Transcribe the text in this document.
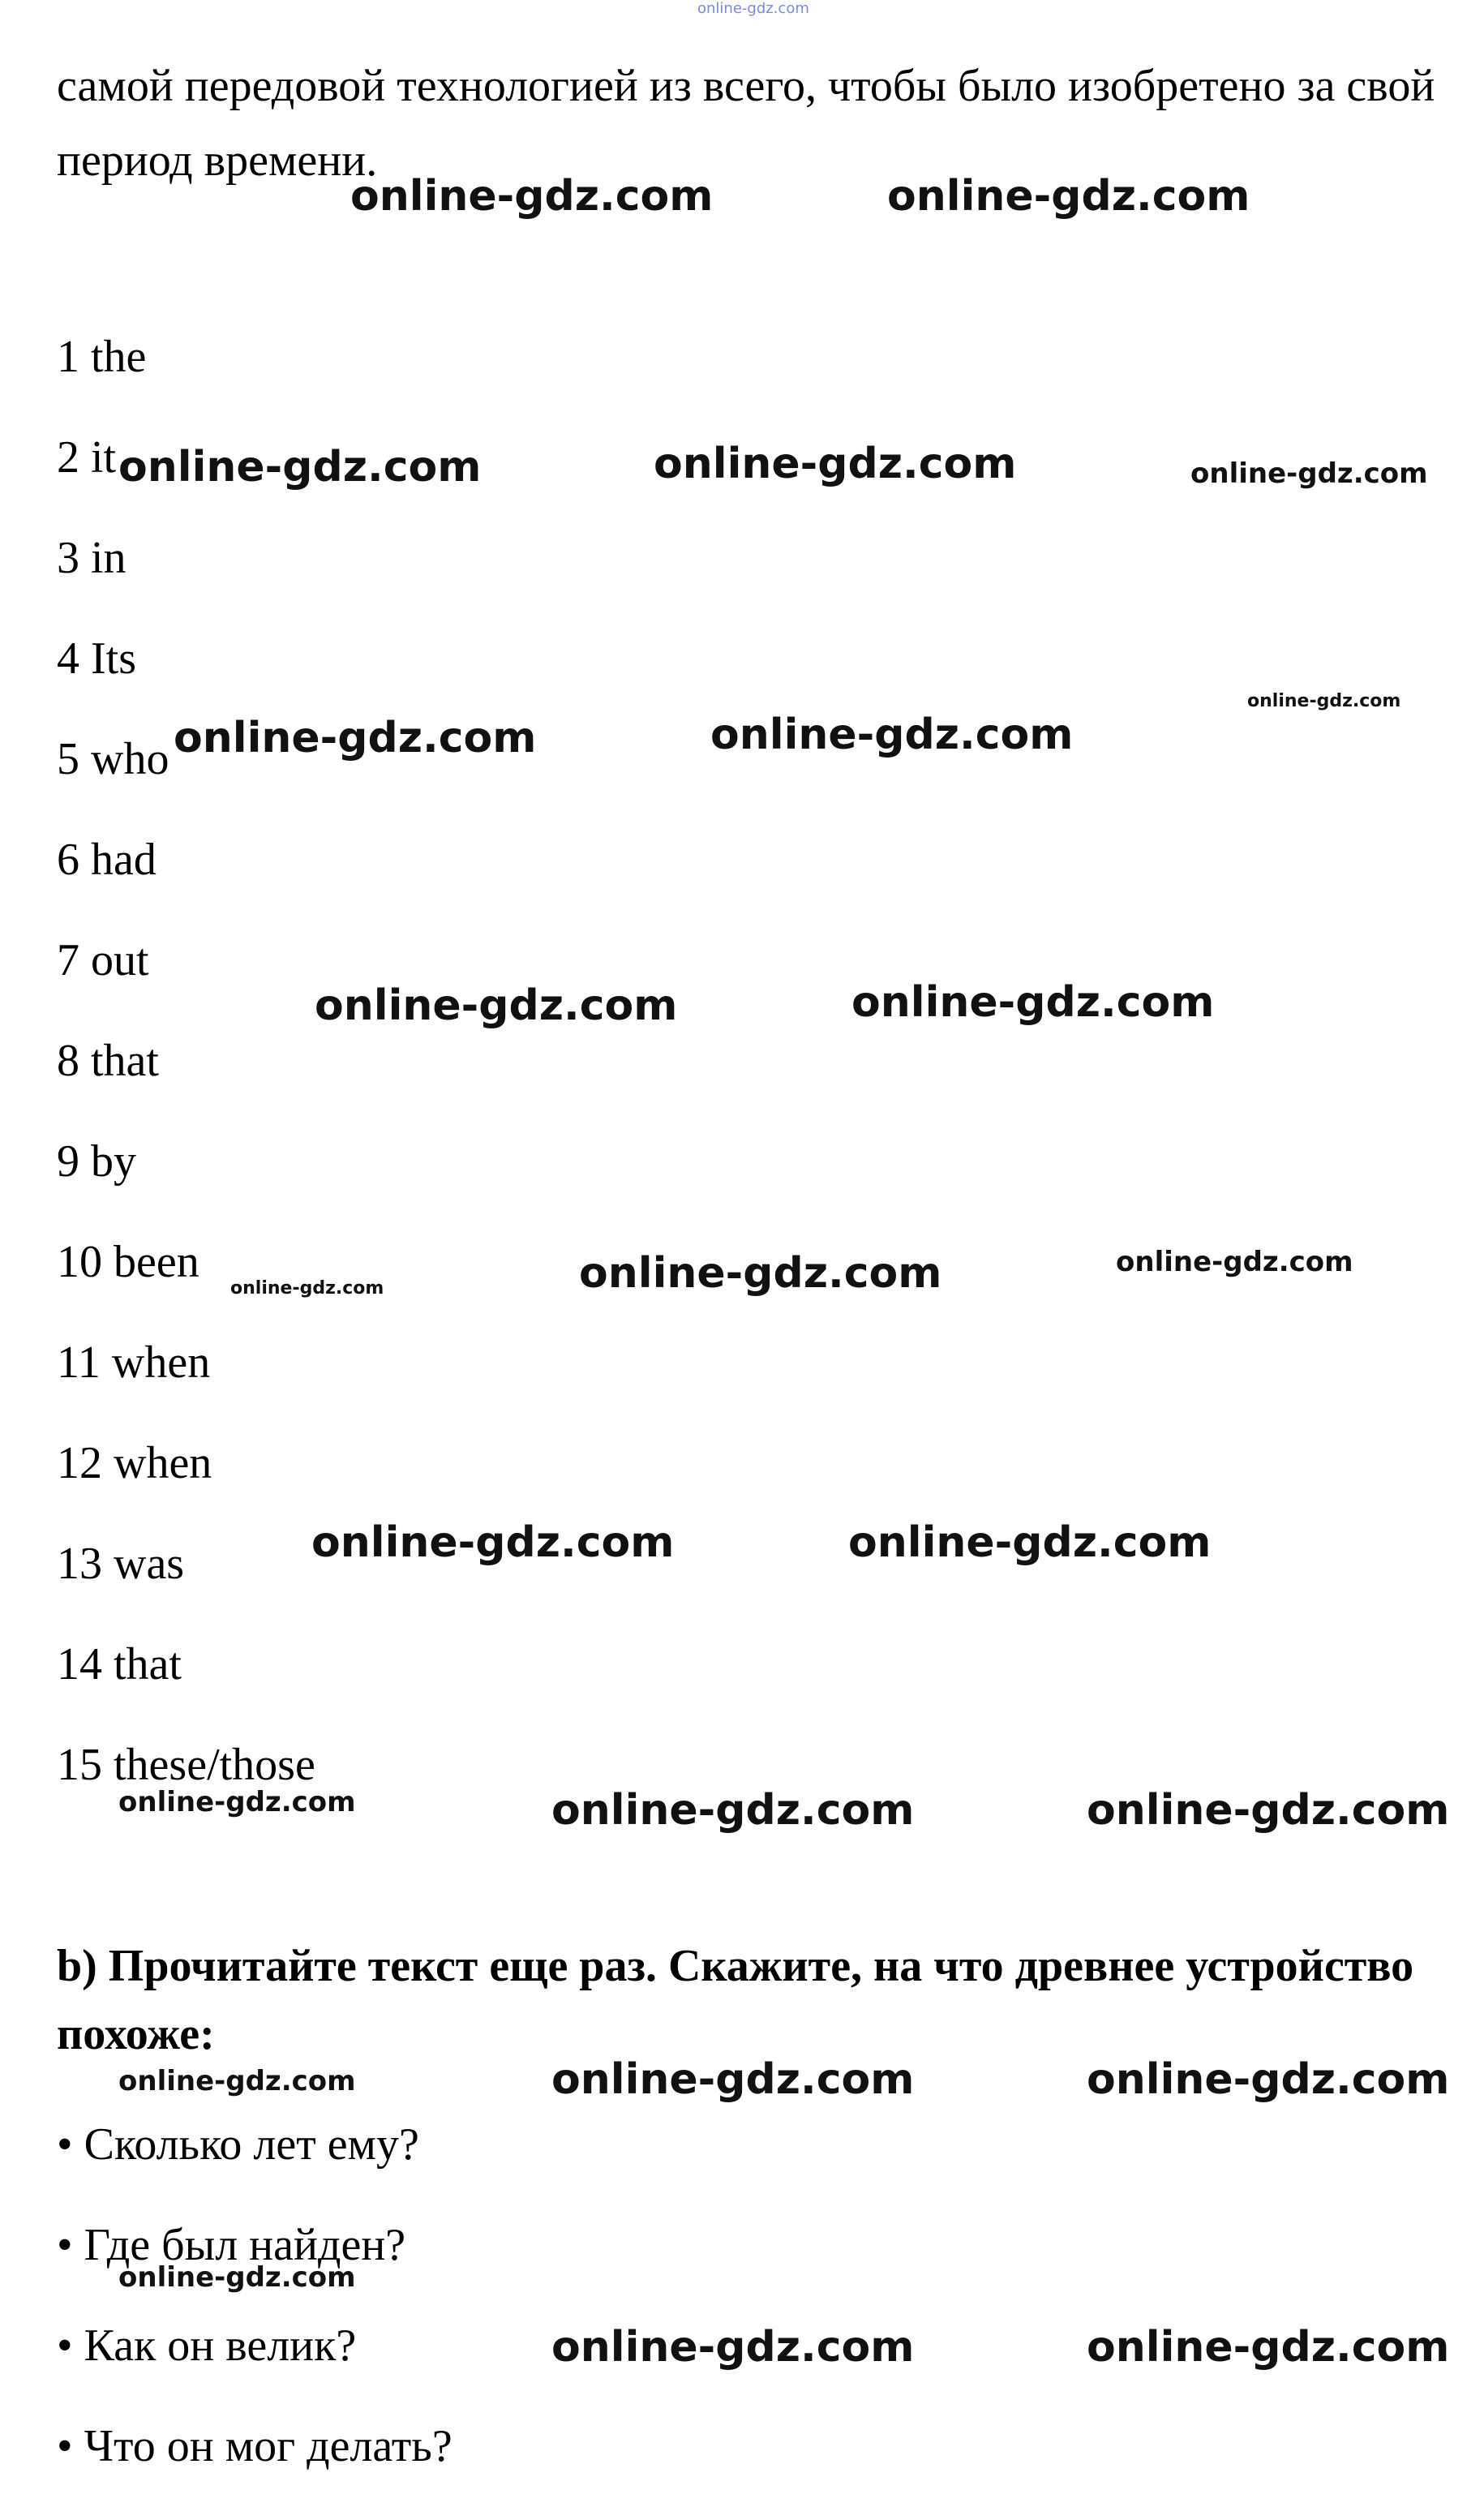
online-gdz.com
самой передовой технологией из всего, чтобы было изобретено за свой период времени.
1 the
2 it
3 in
4 Its
5 who
6 had
7 out
8 that
9 by
10 been
11 when
12 when
13 was
14 that
15 these/those
b) Прочитайте текст еще раз. Скажите, на что древнее устройство похоже:
• Сколько лет ему?
• Где был найден?
• Как он велик?
• Что он мог делать?
online-gdz.com	online-gdz.com
online-gdz.com	online-gdz.com	online-gdz.com
online-gdz.com
online-gdz.com	online-gdz.com
online-gdz.com	online-gdz.com
online-gdz.com
online-gdz.com
online-gdz.com
online-gdz.com	online-gdz.com
online-gdz.com	online-gdz.com	online-gdz.com
online-gdz.com	online-gdz.com	online-gdz.com
online-gdz.com
online-gdz.com	online-gdz.com
